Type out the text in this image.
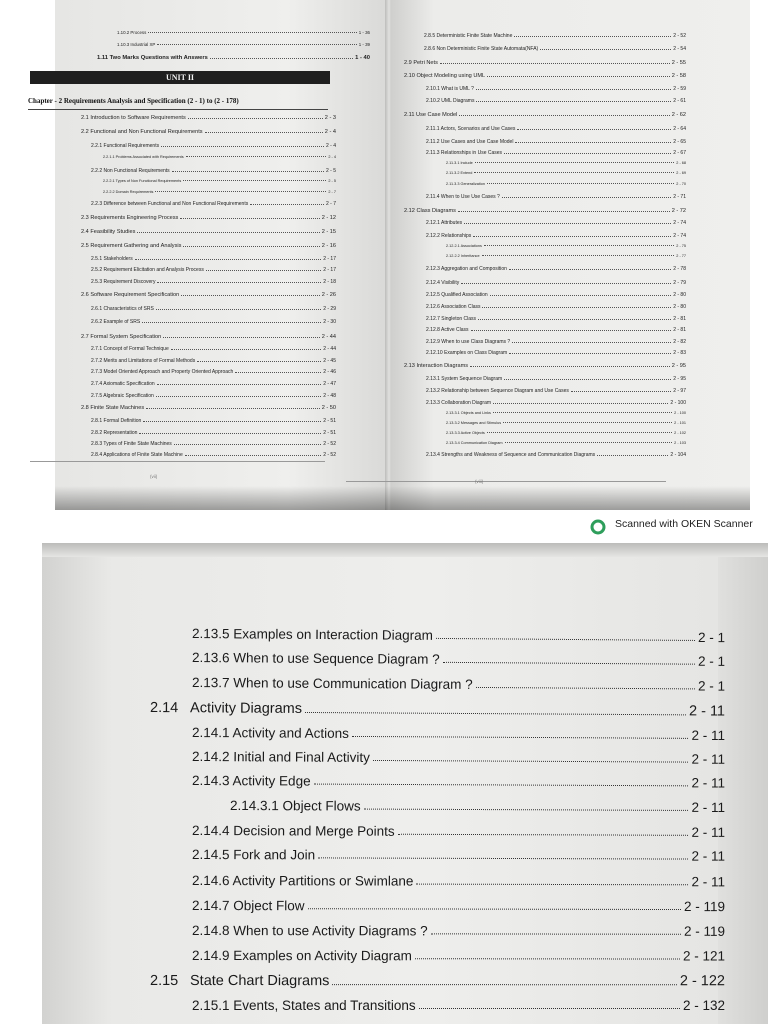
UNIT II
Chapter - 2 Requirements Analysis and Specification (2 - 1) to (2 - 178)
1.10.2 Process	1 - 36
1.10.3 Industrial XP	1 - 39
1.11 Two Marks Questions with Answers	1 - 40
2.1 Introduction to Software Requirements	2 - 3
2.2 Functional and Non Functional Requirements	2 - 4
2.2.1 Functional Requirements	2 - 4
2.2.1.1 Problems Associated with Requirements	2 - 4
2.2.2 Non Functional Requirements	2 - 5
2.2.2.1 Types of Non Functional Requirements	2 - 5
2.2.2.2 Domain Requirements	2 - 7
2.2.3 Difference between Functional and Non Functional Requirements	2 - 7
2.3 Requirements Engineering Process	2 - 12
2.4 Feasibility Studies	2 - 15
2.5 Requirement Gathering and Analysis	2 - 16
2.5.1 Stakeholders	2 - 17
2.5.2 Requirement Elicitation and Analysis Process	2 - 17
2.5.3 Requirement Discovery	2 - 18
2.6 Software Requirement Specification	2 - 26
2.6.1 Characteristics of SRS	2 - 29
2.6.2 Example of SRS	2 - 30
2.7 Formal System Specification	2 - 44
2.7.1 Concept of Formal Technique	2 - 44
2.7.2 Merits and Limitations of Formal Methods	2 - 45
2.7.3 Model Oriented Approach and Property Oriented Approach	2 - 46
2.7.4 Axiomatic Specification	2 - 47
2.7.5 Algebraic Specification	2 - 48
2.8 Finite State Machines	2 - 50
2.8.1 Formal Definition	2 - 51
2.8.2 Representation	2 - 51
2.8.3 Types of Finite State Machines	2 - 52
2.8.4 Applications of Finite State Machine	2 - 52
2.8.5 Deterministic Finite State Machine	2 - 52
2.8.6 Non Deterministic Finite State Automata(NFA)	2 - 54
2.9 Petri Nets	2 - 55
2.10 Object Modeling using UML	2 - 58
2.10.1 What is UML ?	2 - 59
2.10.2 UML Diagrams	2 - 61
2.11 Use Case Model	2 - 62
2.11.1 Actors, Scenarios and Use Cases	2 - 64
2.11.2 Use Cases and Use Case Model	2 - 65
2.11.3 Relationships in Use Cases	2 - 67
2.11.3.1 Include	2 - 68
2.11.3.2 Extend	2 - 69
2.11.3.3 Generalization	2 - 70
2.11.4 When to Use Use Cases ?	2 - 71
2.12 Class Diagrams	2 - 72
2.12.1 Attributes	2 - 74
2.12.2 Relationships	2 - 74
2.12.2.1 Associations	2 - 75
2.12.2.2 Inheritance	2 - 77
2.12.3 Aggregation and Composition	2 - 78
2.12.4 Visibility	2 - 79
2.12.5 Qualified Association	2 - 80
2.12.6 Association Class	2 - 80
2.12.7 Singleton Class	2 - 81
2.12.8 Active Class	2 - 81
2.12.9 When to use Class Diagrams ?	2 - 82
2.12.10 Examples on Class Diagram	2 - 83
2.13 Interaction Diagrams	2 - 95
2.13.1 System Sequence Diagram	2 - 95
2.13.2 Relationship between Sequence Diagram and Use Cases	2 - 97
2.13.3 Collaboration Diagram	2 - 100
2.13.3.1 Objects and Links	2 - 100
2.13.3.2 Messages and Stimulus	2 - 101
2.13.3.3 Active Objects	2 - 102
2.13.3.4 Communication Diagram	2 - 103
2.13.4 Strengths and Weakness of Sequence and Communication Diagrams	2 - 104
(vii)
(viii)
Scanned with OKEN Scanner
2.13.5 Examples on Interaction Diagram	2 - 1
2.13.6 When to use Sequence Diagram ?	2 - 1
2.13.7 When to use Communication Diagram ?	2 - 1
2.14 Activity Diagrams	2 - 11
2.14.1 Activity and Actions	2 - 11
2.14.2 Initial and Final Activity	2 - 11
2.14.3 Activity Edge	2 - 11
2.14.3.1 Object Flows	2 - 11
2.14.4 Decision and Merge Points	2 - 11
2.14.5 Fork and Join	2 - 11
2.14.6 Activity Partitions or Swimlane	2 - 11
2.14.7 Object Flow	2 - 119
2.14.8 When to use Activity Diagrams ?	2 - 119
2.14.9 Examples on Activity Diagram	2 - 121
2.15 State Chart Diagrams	2 - 122
2.15.1 Events, States and Transitions	2 - 132
